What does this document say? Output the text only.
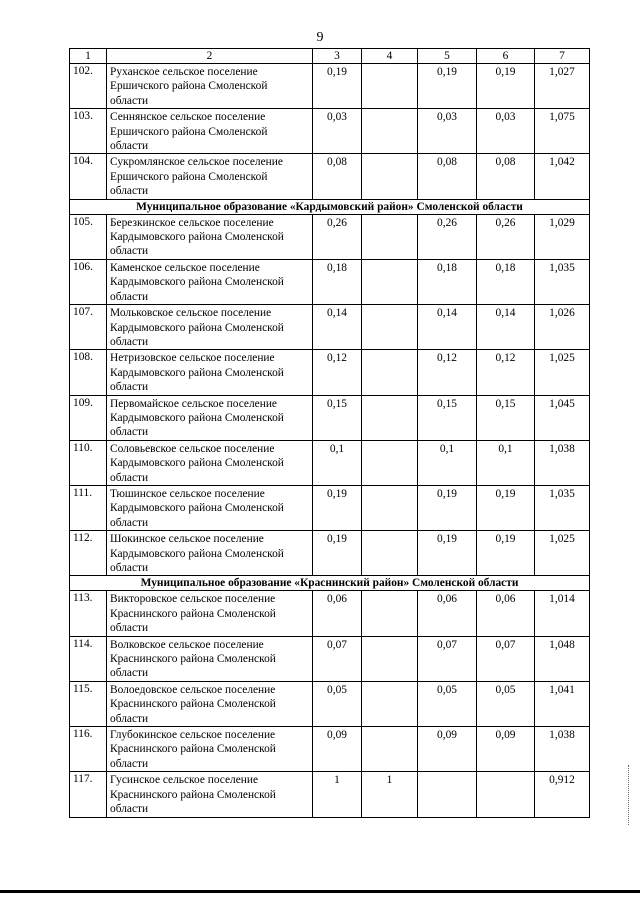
9
1	2	3	4	5	6	7
102.	Руханское сельское поселение
Ершичского района Смоленской
области	0,19		0,19	0,19	1,027
103.	Сеннянское сельское поселение
Ершичского района Смоленской
области	0,03		0,03	0,03	1,075
104.	Сукромлянское сельское поселение
Ершичского района Смоленской
области	0,08		0,08	0,08	1,042
Муниципальное образование «Кардымовский район» Смоленской области						
105.	Березкинское сельское поселение
Кардымовского района Смоленской
области	0,26		0,26	0,26	1,029
106.	Каменское сельское поселение
Кардымовского района Смоленской
области	0,18		0,18	0,18	1,035
107.	Мольковское сельское поселение
Кардымовского района Смоленской
области	0,14		0,14	0,14	1,026
108.	Нетризовское сельское поселение
Кардымовского района Смоленской
области	0,12		0,12	0,12	1,025
109.	Первомайское сельское поселение
Кардымовского района Смоленской
области	0,15		0,15	0,15	1,045
110.	Соловьевское сельское поселение
Кардымовского района Смоленской
области	0,1		0,1	0,1	1,038
111.	Тюшинское сельское поселение
Кардымовского района Смоленской
области	0,19		0,19	0,19	1,035
112.	Шокинское сельское поселение
Кардымовского района Смоленской
области	0,19		0,19	0,19	1,025
Муниципальное образование «Краснинский район» Смоленской области						
113.	Викторовское сельское поселение
Краснинского района Смоленской
области	0,06		0,06	0,06	1,014
114.	Волковское сельское поселение
Краснинского района Смоленской
области	0,07		0,07	0,07	1,048
115.	Волоедовское сельское поселение
Краснинского района Смоленской
области	0,05		0,05	0,05	1,041
116.	Глубокинское сельское поселение
Краснинского района Смоленской
области	0,09		0,09	0,09	1,038
117.	Гусинское сельское поселение
Краснинского района Смоленской
области	1	1			0,912
